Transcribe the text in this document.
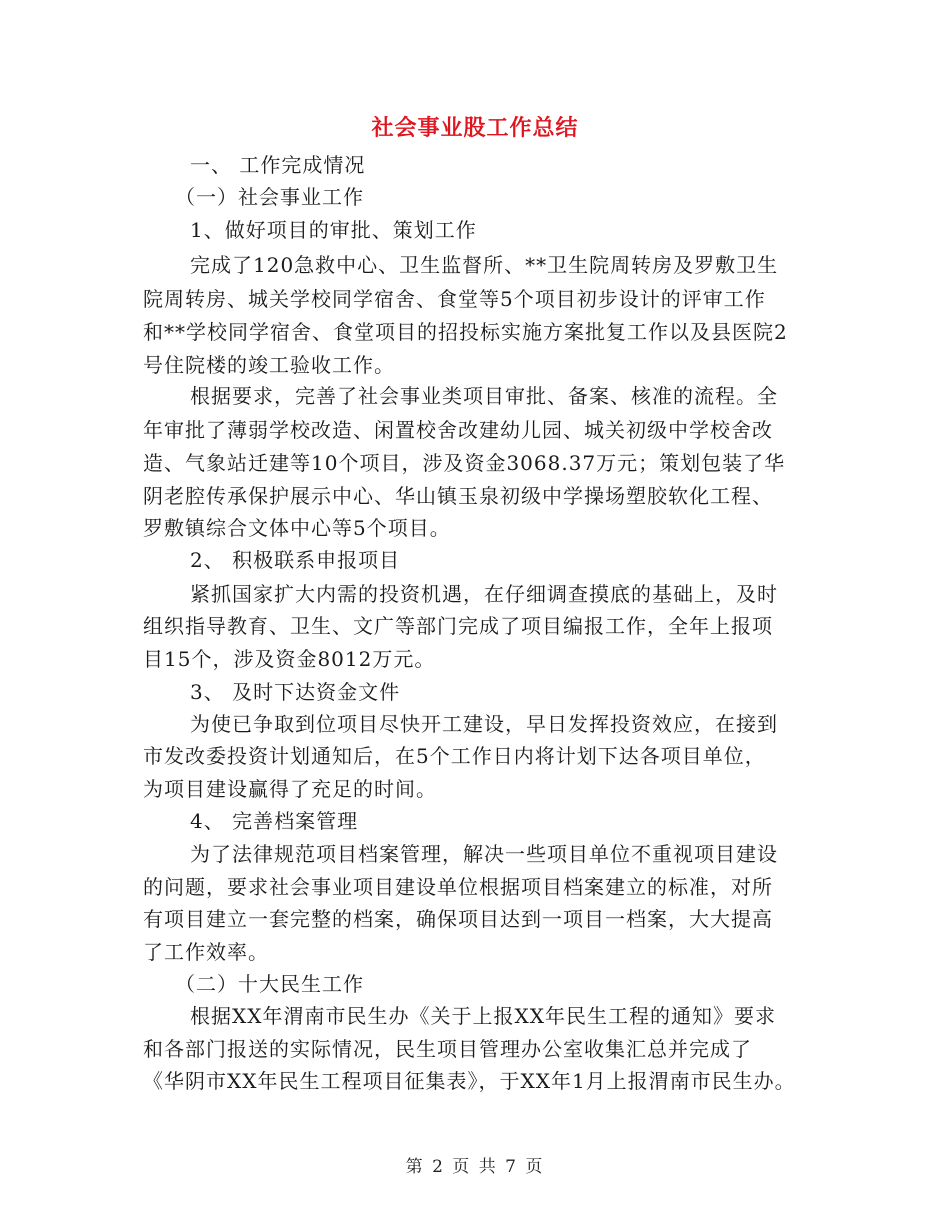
社会事业股工作总结
一、 工作完成情况
（一）社会事业工作
1、做好项目的审批、策划工作
完成了120急救中心、卫生监督所、**卫生院周转房及罗敷卫生
院周转房、城关学校同学宿舍、食堂等5个项目初步设计的评审工作
和**学校同学宿舍、食堂项目的招投标实施方案批复工作以及县医院2
号住院楼的竣工验收工作。
根据要求，完善了社会事业类项目审批、备案、核准的流程。全
年审批了薄弱学校改造、闲置校舍改建幼儿园、城关初级中学校舍改
造、气象站迁建等10个项目，涉及资金3068.37万元；策划包装了华
阴老腔传承保护展示中心、华山镇玉泉初级中学操场塑胶软化工程、
罗敷镇综合文体中心等5个项目。
2、 积极联系申报项目
紧抓国家扩大内需的投资机遇，在仔细调查摸底的基础上，及时
组织指导教育、卫生、文广等部门完成了项目编报工作，全年上报项
目15个，涉及资金8012万元。
3、 及时下达资金文件
为使已争取到位项目尽快开工建设，早日发挥投资效应，在接到
市发改委投资计划通知后，在5个工作日内将计划下达各项目单位，
为项目建设赢得了充足的时间。
4、 完善档案管理
为了法律规范项目档案管理，解决一些项目单位不重视项目建设
的问题，要求社会事业项目建设单位根据项目档案建立的标准，对所
有项目建立一套完整的档案，确保项目达到一项目一档案，大大提高
了工作效率。
（二）十大民生工作
根据XX年渭南市民生办《关于上报XX年民生工程的通知》要求
和各部门报送的实际情况，民生项目管理办公室收集汇总并完成了
《华阴市XX年民生工程项目征集表》，于XX年1月上报渭南市民生办。
第 2 页 共 7 页
